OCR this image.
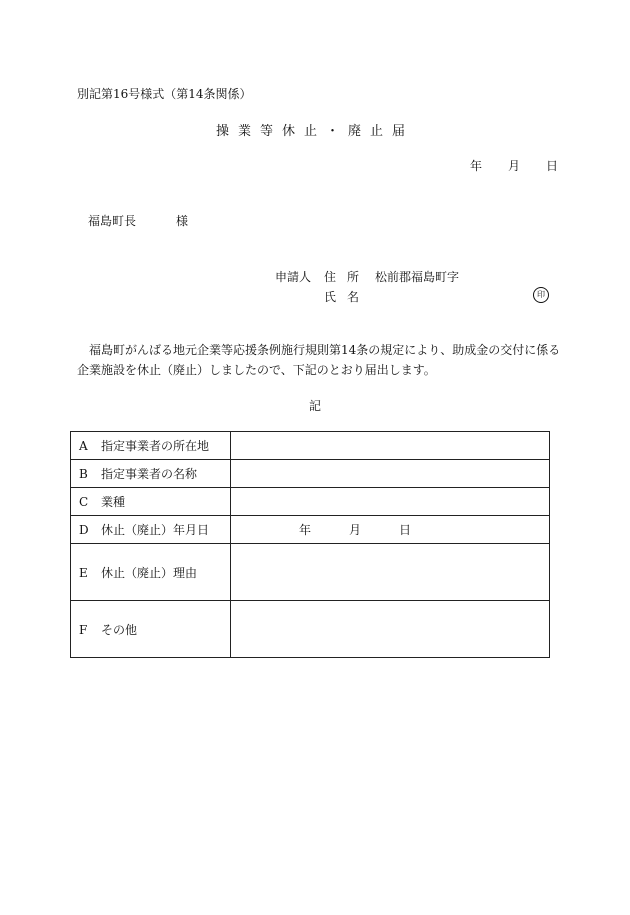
別記第16号様式（第14条関係）
操業等休止・廃止届
年 月 日
福島町長	様
申請人 住所 松前郡福島町字
氏名	印
福島町がんばる地元企業等応援条例施行規則第14条の規定により、助成金の交付に係る企業施設を休止（廃止）しましたので、下記のとおり届出します。
記
A 指定事業者の所在地	
B 指定事業者の名称	
C 業種	
D 休止（廃止）年月日	年 月 日
E 休止（廃止）理由	
F その他	
